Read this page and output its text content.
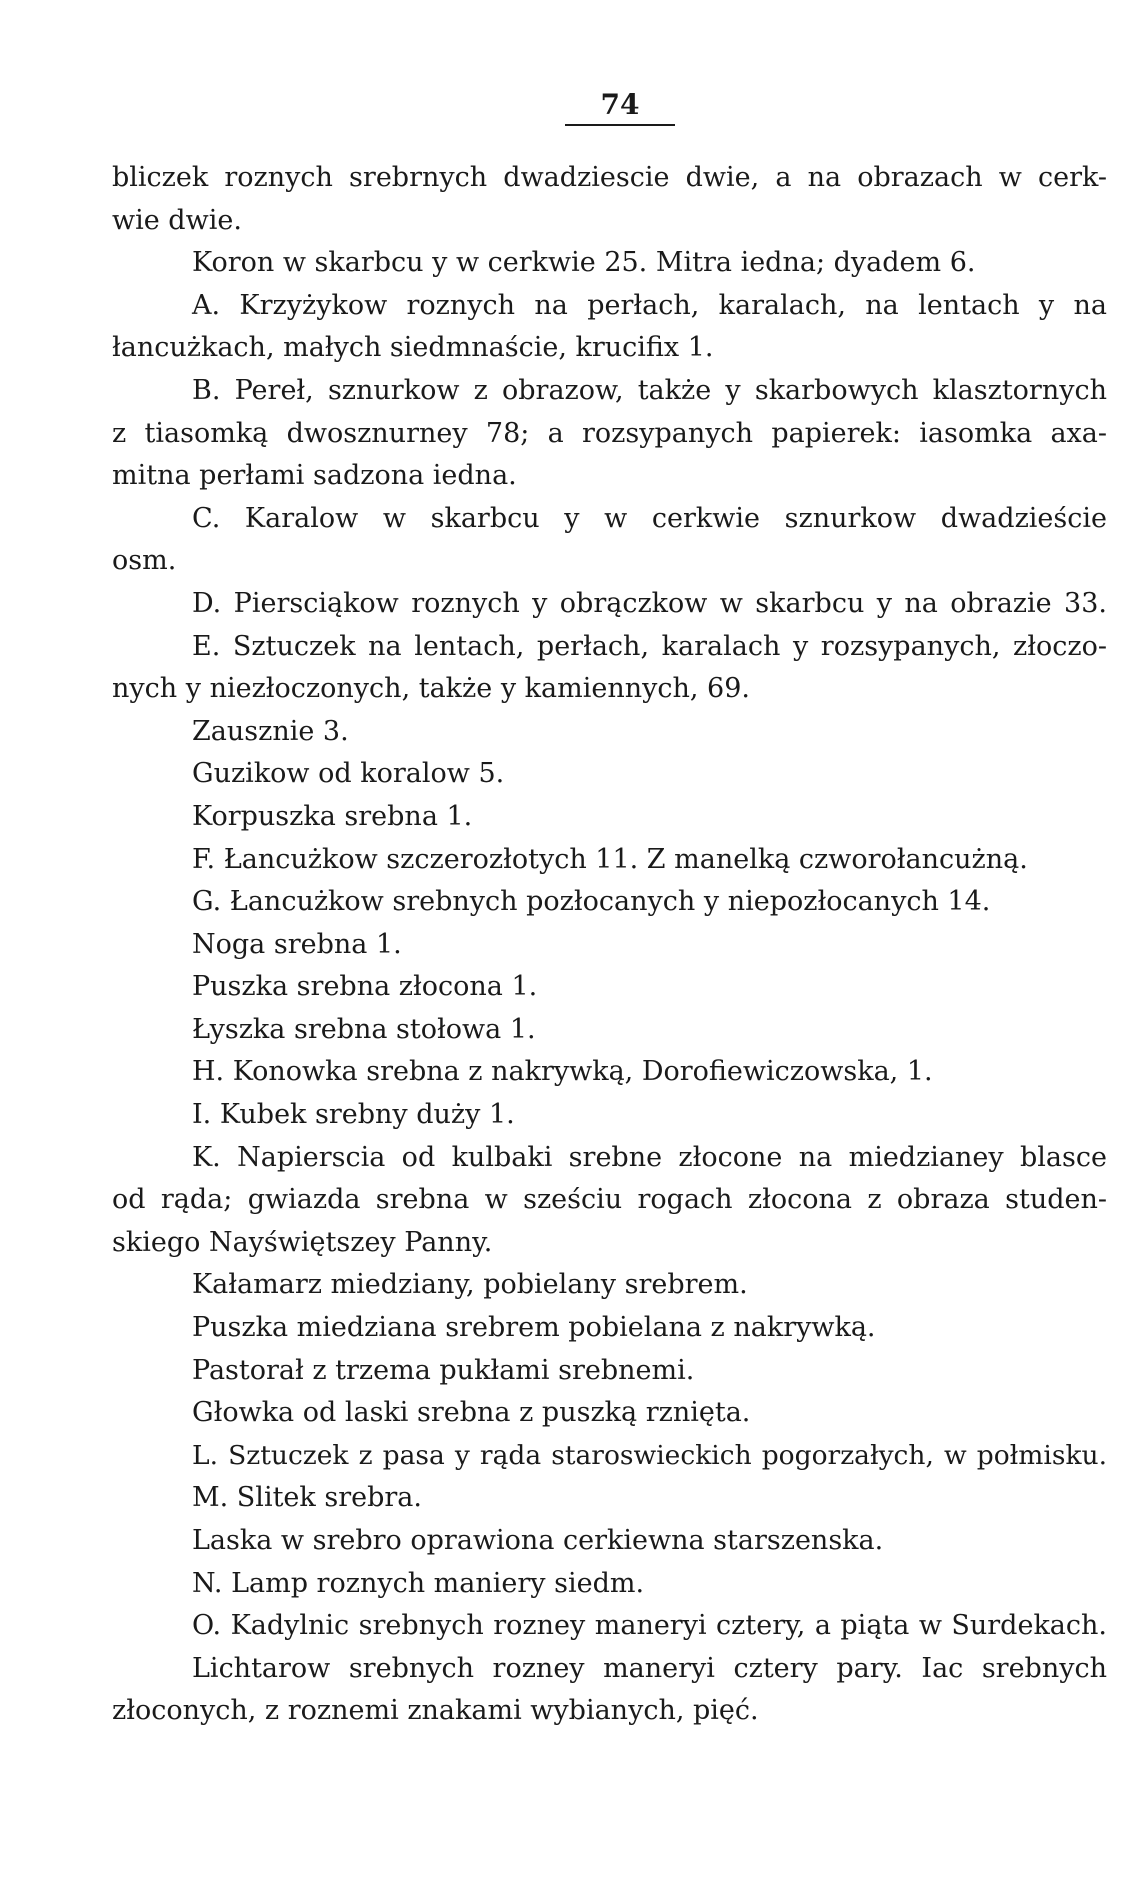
74

bliczek roznych srebrnych dwadziescie dwie, a na obrazach w cerk-

wie dwie.

Koron w skarbcu y w cerkwie 25. Mitra iedna; dyadem 6.

A. Krzyżykow roznych na perłach, karalach, na lentach y na

łancużkach, małych siedmnaście, krucifix 1.

B. Pereł, sznurkow z obrazow, także y skarbowych klasztornych

z tiasomką dwosznurney 78; a rozsypanych papierek: iasomka axa-

mitna perłami sadzona iedna.

C. Karalow w skarbcu y w cerkwie sznurkow dwadzieście

osm.

D. Piersciąkow roznych y obrączkow w skarbcu y na obrazie 33.

E. Sztuczek na lentach, perłach, karalach y rozsypanych, złoczo-

nych y niezłoczonych, także y kamiennych, 69.

Zausznie 3.

Guzikow od koralow 5.

Korpuszka srebna 1.

F. Łancużkow szczerozłotych 11. Z manelką czworołancużną.

G. Łancużkow srebnych pozłocanych y niepozłocanych 14.

Noga srebna 1.

Puszka srebna złocona 1.

Łyszka srebna stołowa 1.

H. Konowka srebna z nakrywką, Dorofiewiczowska, 1.

I. Kubek srebny duży 1.

K. Napierscia od kulbaki srebne złocone na miedzianey blasce

od rąda; gwiazda srebna w sześciu rogach złocona z obraza studen-

skiego Nayświętszey Panny.

Kałamarz miedziany, pobielany srebrem.

Puszka miedziana srebrem pobielana z nakrywką.

Pastorał z trzema pukłami srebnemi.

Głowka od laski srebna z puszką rznięta.

L. Sztuczek z pasa y rąda staroswieckich pogorzałych, w połmisku.

M. Slitek srebra.

Laska w srebro oprawiona cerkiewna starszenska.

N. Lamp roznych maniery siedm.

O. Kadylnic srebnych rozney maneryi cztery, a piąta w Surdekach.

Lichtarow srebnych rozney maneryi cztery pary. Iac srebnych

złoconych, z roznemi znakami wybianych, pięć.
